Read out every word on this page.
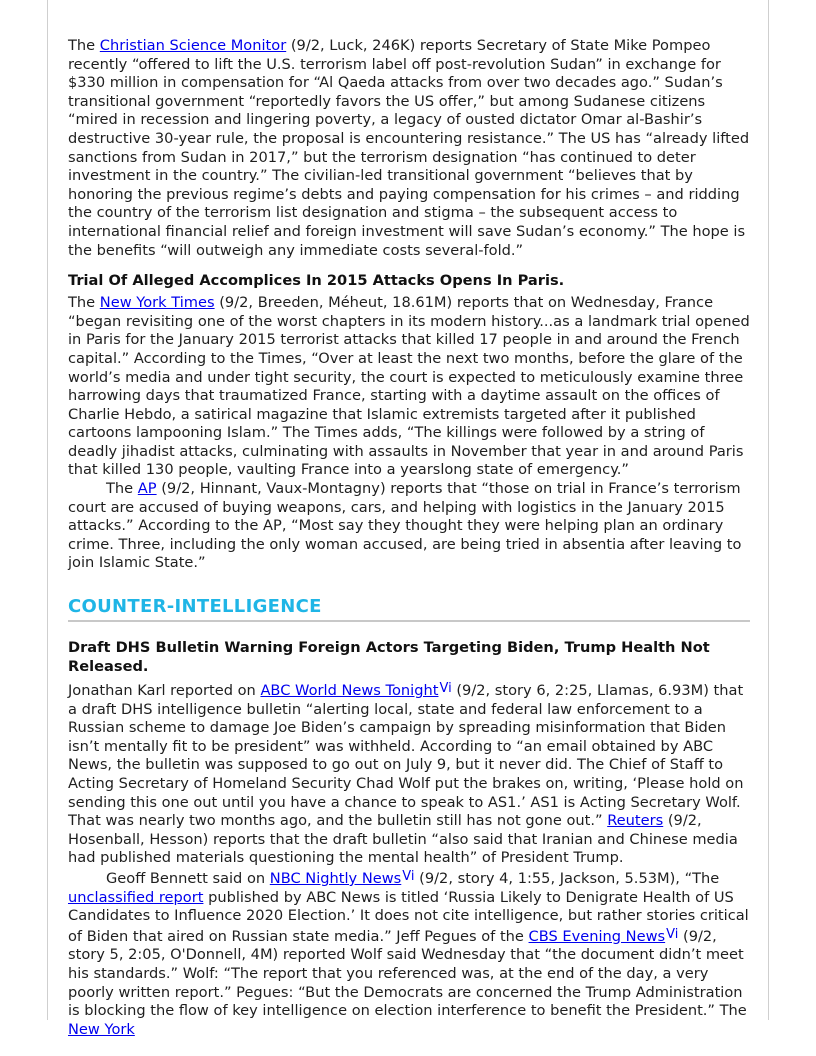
The Christian Science Monitor (9/2, Luck, 246K) reports Secretary of State Mike Pompeo recently “offered to lift the U.S. terrorism label off post-revolution Sudan” in exchange for $330 million in compensation for “Al Qaeda attacks from over two decades ago.” Sudan’s transitional government “reportedly favors the US offer,” but among Sudanese citizens “mired in recession and lingering poverty, a legacy of ousted dictator Omar al-Bashir’s destructive 30-year rule, the proposal is encountering resistance.” The US has “already lifted sanctions from Sudan in 2017,” but the terrorism designation “has continued to deter investment in the country.” The civilian-led transitional government “believes that by honoring the previous regime’s debts and paying compensation for his crimes – and ridding the country of the terrorism list designation and stigma – the subsequent access to international financial relief and foreign investment will save Sudan’s economy.” The hope is the benefits “will outweigh any immediate costs several-fold.”

Trial Of Alleged Accomplices In 2015 Attacks Opens In Paris.

The New York Times (9/2, Breeden, Méheut, 18.61M) reports that on Wednesday, France “began revisiting one of the worst chapters in its modern history...as a landmark trial opened in Paris for the January 2015 terrorist attacks that killed 17 people in and around the French capital.” According to the Times, “Over at least the next two months, before the glare of the world’s media and under tight security, the court is expected to meticulously examine three harrowing days that traumatized France, starting with a daytime assault on the offices of Charlie Hebdo, a satirical magazine that Islamic extremists targeted after it published cartoons lampooning Islam.” The Times adds, “The killings were followed by a string of deadly jihadist attacks, culminating with assaults in November that year in and around Paris that killed 130 people, vaulting France into a yearslong state of emergency.”

The AP (9/2, Hinnant, Vaux-Montagny) reports that “those on trial in France’s terrorism court are accused of buying weapons, cars, and helping with logistics in the January 2015 attacks.” According to the AP, “Most say they thought they were helping plan an ordinary crime. Three, including the only woman accused, are being tried in absentia after leaving to join Islamic State.”

COUNTER-INTELLIGENCE
Draft DHS Bulletin Warning Foreign Actors Targeting Biden, Trump Health Not Released.

Jonathan Karl reported on ABC World News TonightVi (9/2, story 6, 2:25, Llamas, 6.93M) that a draft DHS intelligence bulletin “alerting local, state and federal law enforcement to a Russian scheme to damage Joe Biden’s campaign by spreading misinformation that Biden isn’t mentally fit to be president” was withheld. According to “an email obtained by ABC News, the bulletin was supposed to go out on July 9, but it never did. The Chief of Staff to Acting Secretary of Homeland Security Chad Wolf put the brakes on, writing, ‘Please hold on sending this one out until you have a chance to speak to AS1.’ AS1 is Acting Secretary Wolf. That was nearly two months ago, and the bulletin still has not gone out.” Reuters (9/2, Hosenball, Hesson) reports that the draft bulletin “also said that Iranian and Chinese media had published materials questioning the mental health” of President Trump.

Geoff Bennett said on NBC Nightly NewsVi (9/2, story 4, 1:55, Jackson, 5.53M), “The unclassified report published by ABC News is titled ‘Russia Likely to Denigrate Health of US Candidates to Influence 2020 Election.’ It does not cite intelligence, but rather stories critical of Biden that aired on Russian state media.” Jeff Pegues of the CBS Evening NewsVi (9/2, story 5, 2:05, O'Donnell, 4M) reported Wolf said Wednesday that “the document didn’t meet his standards.” Wolf: “The report that you referenced was, at the end of the day, a very poorly written report.” Pegues: “But the Democrats are concerned the Trump Administration is blocking the flow of key intelligence on election interference to benefit the President.” The New York
